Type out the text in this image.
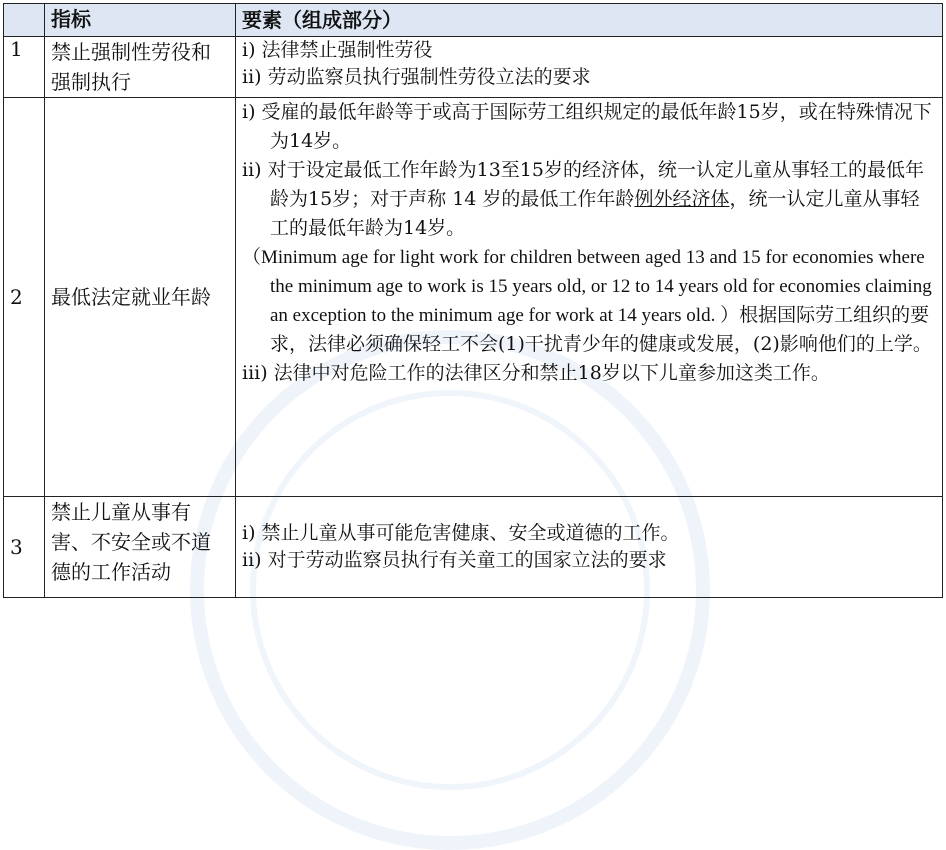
	指标	要素（组成部分）
1	禁止强制性劳役和强制执行	i) 法律禁止强制性劳役
ii) 劳动监察员执行强制性劳役立法的要求

2	最低法定就业年龄	i) 受雇的最低年龄等于或高于国际劳工组织规定的最低年龄15岁，或在特殊情况下为14岁。
ii) 对于设定最低工作年龄为13至15岁的经济体，统一认定儿童从事轻工的最低年龄为15岁；对于声称 14 岁的最低工作年龄例外经济体，统一认定儿童从事轻工的最低年龄为14岁。
（Minimum age for light work for children between aged 13 and 15 for economies where the minimum age to work is 15 years old, or 12 to 14 years old for economies claiming an exception to the minimum age for work at 14 years old. ）根据国际劳工组织的要求，法律必须确保轻工不会(1)干扰青少年的健康或发展，(2)影响他们的上学。
iii) 法律中对危险工作的法律区分和禁止18岁以下儿童参加这类工作。

3	禁止儿童从事有害、不安全或不道德的工作活动	i) 禁止儿童从事可能危害健康、安全或道德的工作。
ii) 对于劳动监察员执行有关童工的国家立法的要求
